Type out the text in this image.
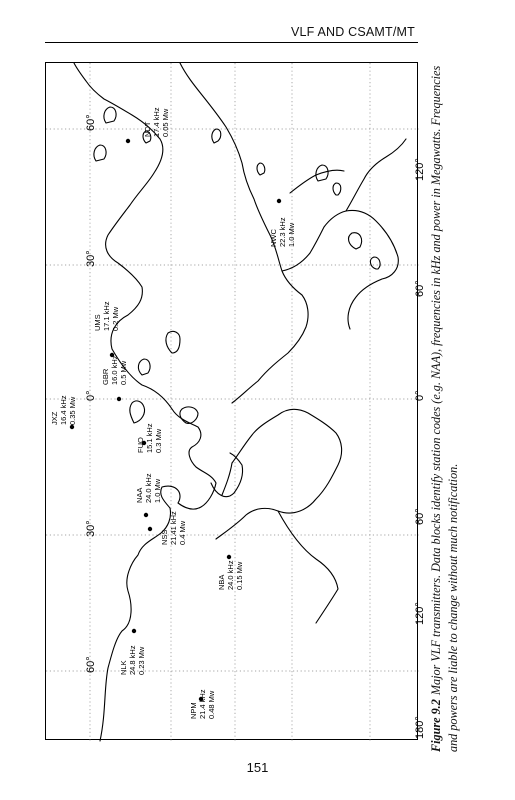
VLF AND CSAMT/MT
60°
30°
0°
30°
60°
180°
120°
60°
0°
60°
120°
NPM 21.4 kHz 0.48 Mw
NLK 24.8 kHz 0.23 Mw
NBA 24.0 kHz 0.15 Mw
NSS 21.41 kHz 0.4 Mw
NAA 24.0 kHz 1.0 Mw
FUO 15.1 kHz 0.3 Mw
JXZ 16.4 kHz 0.35 Mw
GBR 16.0 kHz 0.5 Mw
UMS 17.1 kHz 0.2 Mw
NWC 22.3 kHz 1.0 Mw
NDT 17.4 kHz 0.05 Mw
Figure 9.2Major VLF transmitters. Data blocks identify station codes (e.g. NAA), frequencies in kHz and power in Megawatts. Frequencies and powers are liable to change without much notification.
151
